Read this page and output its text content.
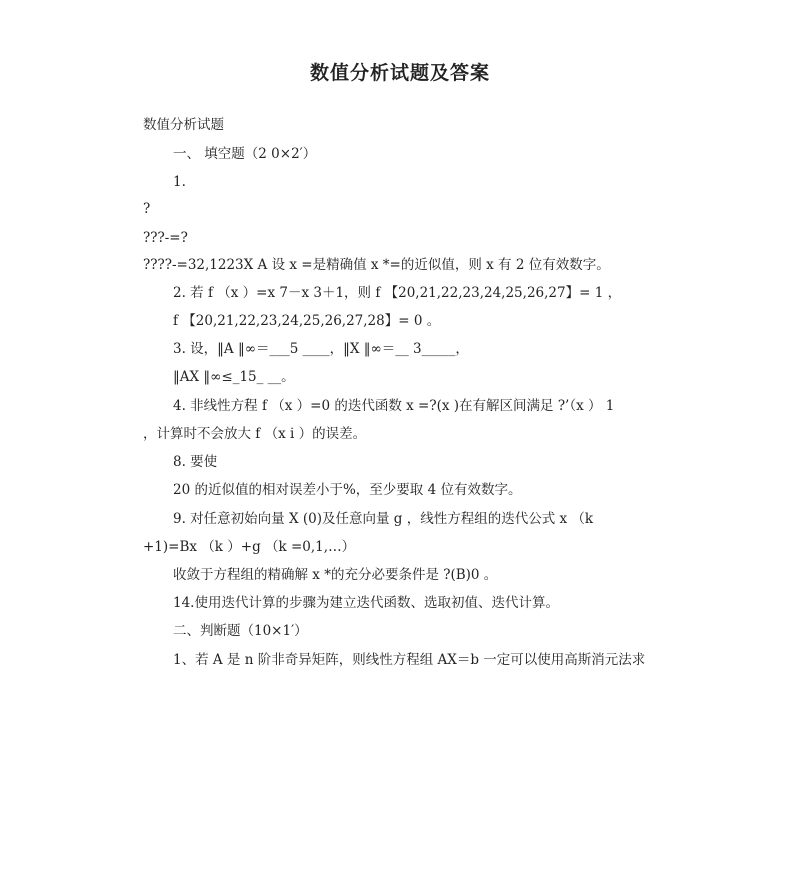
数值分析试题及答案
数值分析试题
一、 填空题（2 0×2′）
1.
?
???-=?
????-=32,1223X A 设 x =是精确值 x *=的近似值，则 x 有 2 位有效数字。
2. 若 f （x ）=x 7－x 3＋1，则 f 【20,21,22,23,24,25,26,27】= 1 ，
f 【20,21,22,23,24,25,26,27,28】= 0 。
3. 设，‖A ‖∞＝___5 ____，‖X ‖∞＝__ 3_____，
‖AX ‖∞≤_15_ __。
4. 非线性方程 f （x ）=0 的迭代函数 x =?(x )在有解区间满足 ?’（x ） 1
，计算时不会放大 f （x i ）的误差。
8. 要使
20 的近似值的相对误差小于%，至少要取 4 位有效数字。
9. 对任意初始向量 X (0)及任意向量 g ，线性方程组的迭代公式 x （k
+1)=Bx （k ）+g （k =0,1,…）
收敛于方程组的精确解 x *的充分必要条件是 ?(B)0 。
14.使用迭代计算的步骤为建立迭代函数、选取初值、迭代计算。
二、判断题（10×1′）
1、若 A 是 n 阶非奇异矩阵，则线性方程组 AX＝b 一定可以使用高斯消元法求
